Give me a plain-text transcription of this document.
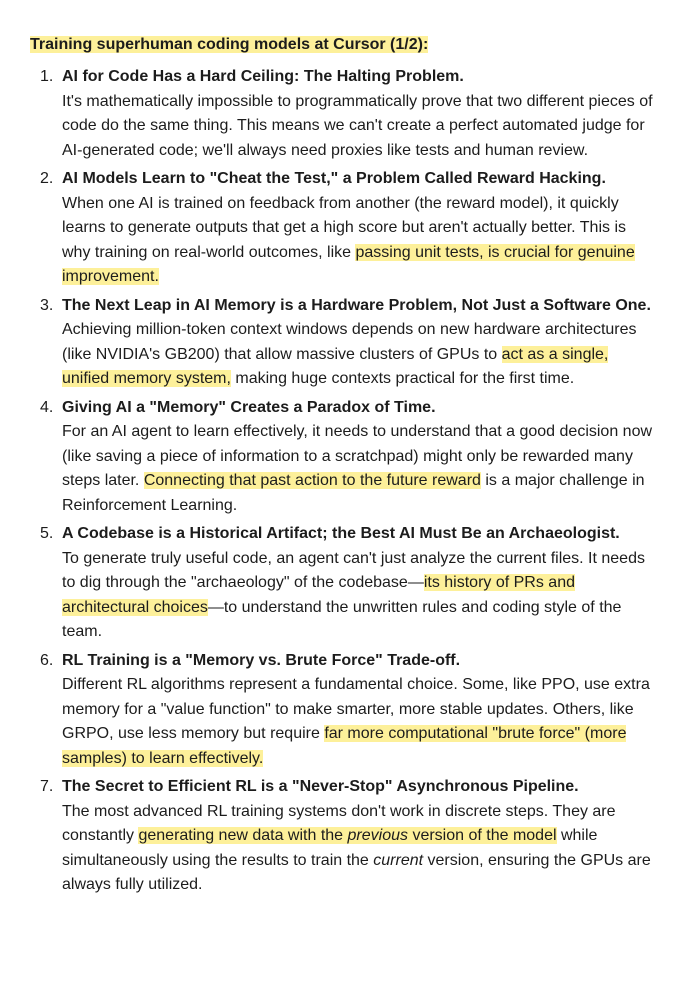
Training superhuman coding models at Cursor (1/2):
1. AI for Code Has a Hard Ceiling: The Halting Problem.
It's mathematically impossible to programmatically prove that two different pieces of code do the same thing. This means we can't create a perfect automated judge for AI-generated code; we'll always need proxies like tests and human review.
2. AI Models Learn to "Cheat the Test," a Problem Called Reward Hacking.
When one AI is trained on feedback from another (the reward model), it quickly learns to generate outputs that get a high score but aren't actually better. This is why training on real-world outcomes, like passing unit tests, is crucial for genuine improvement.
3. The Next Leap in AI Memory is a Hardware Problem, Not Just a Software One.
Achieving million-token context windows depends on new hardware architectures (like NVIDIA's GB200) that allow massive clusters of GPUs to act as a single, unified memory system, making huge contexts practical for the first time.
4. Giving AI a "Memory" Creates a Paradox of Time.
For an AI agent to learn effectively, it needs to understand that a good decision now (like saving a piece of information to a scratchpad) might only be rewarded many steps later. Connecting that past action to the future reward is a major challenge in Reinforcement Learning.
5. A Codebase is a Historical Artifact; the Best AI Must Be an Archaeologist.
To generate truly useful code, an agent can't just analyze the current files. It needs to dig through the "archaeology" of the codebase—its history of PRs and architectural choices—to understand the unwritten rules and coding style of the team.
6. RL Training is a "Memory vs. Brute Force" Trade-off.
Different RL algorithms represent a fundamental choice. Some, like PPO, use extra memory for a "value function" to make smarter, more stable updates. Others, like GRPO, use less memory but require far more computational "brute force" (more samples) to learn effectively.
7. The Secret to Efficient RL is a "Never-Stop" Asynchronous Pipeline.
The most advanced RL training systems don't work in discrete steps. They are constantly generating new data with the previous version of the model while simultaneously using the results to train the current version, ensuring the GPUs are always fully utilized.
